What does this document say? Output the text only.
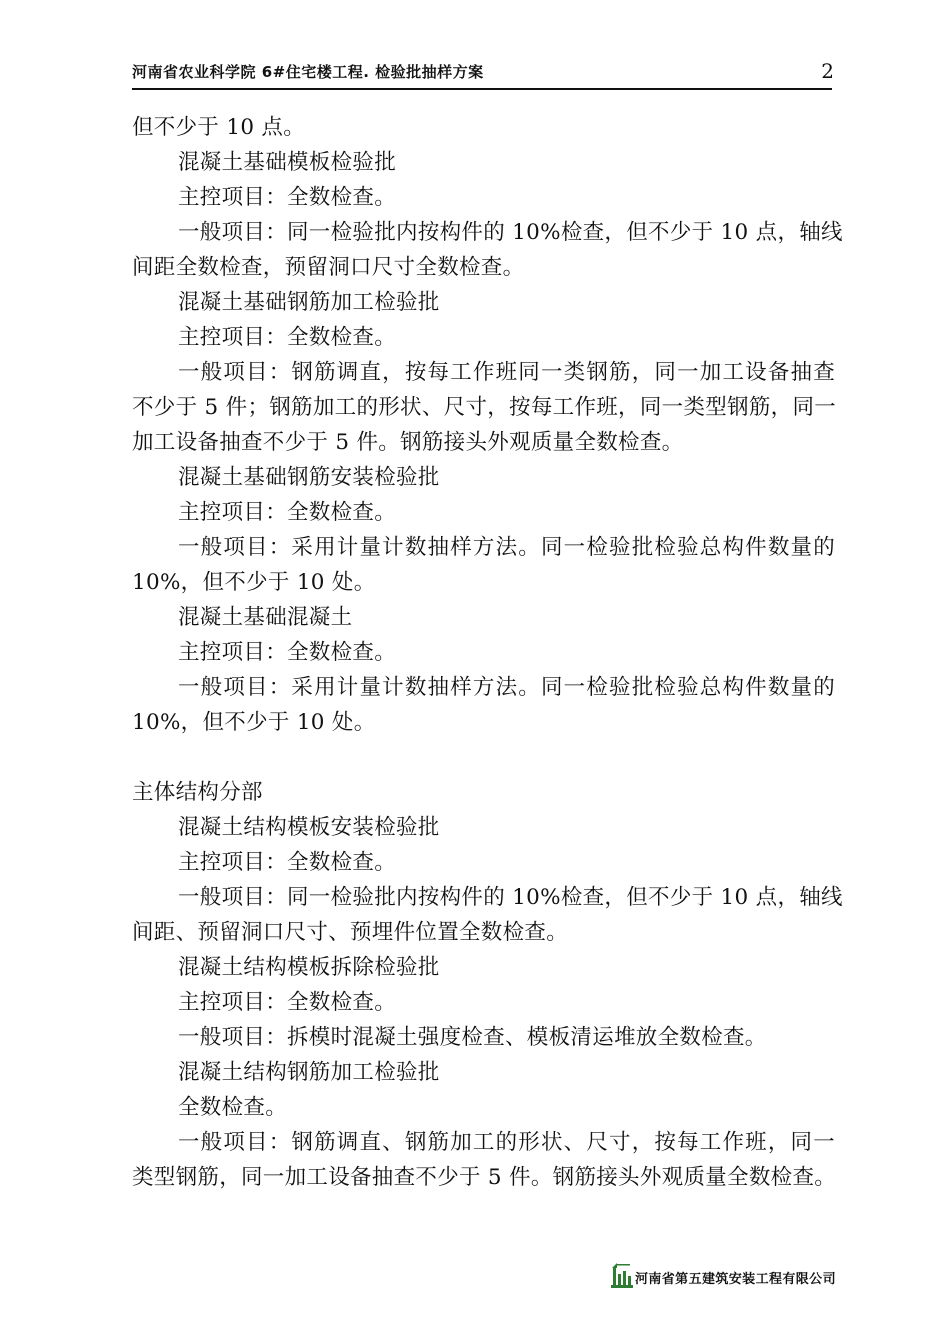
河南省农业科学院 6#住宅楼工程. 检验批抽样方案	2
但不少于 10 点。
混凝土基础模板检验批
主控项目：全数检查。
一般项目：同一检验批内按构件的 10%检查，但不少于 10 点，轴线
间距全数检查，预留洞口尺寸全数检查。
混凝土基础钢筋加工检验批
主控项目：全数检查。
一般项目：钢筋调直，按每工作班同一类钢筋，同一加工设备抽查
不少于 5 件；钢筋加工的形状、尺寸，按每工作班，同一类型钢筋，同一
加工设备抽查不少于 5 件。钢筋接头外观质量全数检查。
混凝土基础钢筋安装检验批
主控项目：全数检查。
一般项目：采用计量计数抽样方法。同一检验批检验总构件数量的
10%，但不少于 10 处。
混凝土基础混凝土
主控项目：全数检查。
一般项目：采用计量计数抽样方法。同一检验批检验总构件数量的
10%，但不少于 10 处。
主体结构分部
混凝土结构模板安装检验批
主控项目：全数检查。
一般项目：同一检验批内按构件的 10%检查，但不少于 10 点，轴线
间距、预留洞口尺寸、预埋件位置全数检查。
混凝土结构模板拆除检验批
主控项目：全数检查。
一般项目：拆模时混凝土强度检查、模板清运堆放全数检查。
混凝土结构钢筋加工检验批
全数检查。
一般项目：钢筋调直、钢筋加工的形状、尺寸，按每工作班，同一
类型钢筋，同一加工设备抽查不少于 5 件。钢筋接头外观质量全数检查。
河南省第五建筑安装工程有限公司
